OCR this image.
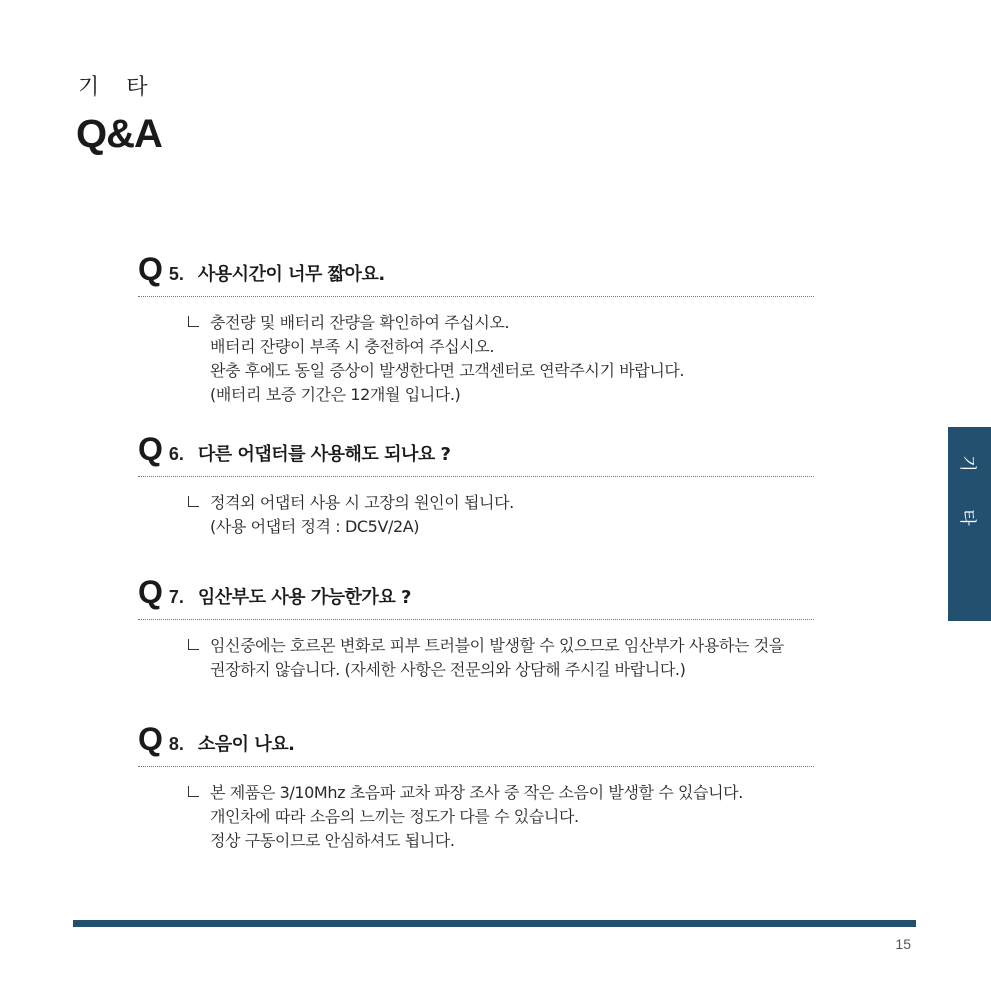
기 타
Q&A
Q 5. 사용시간이 너무 짧아요.
충전량 및 배터리 잔량을 확인하여 주십시오.
배터리 잔량이 부족 시 충전하여 주십시오.
완충 후에도 동일 증상이 발생한다면 고객센터로 연락주시기 바랍니다.
(배터리 보증 기간은 12개월 입니다.)
Q 6. 다른 어댑터를 사용해도 되나요 ?
정격외 어댑터 사용 시 고장의 원인이 됩니다.
(사용 어댑터 정격 : DC5V/2A)
Q 7. 임산부도 사용 가능한가요 ?
임신중에는 호르몬 변화로 피부 트러블이 발생할 수 있으므로 임산부가 사용하는 것을
권장하지 않습니다. (자세한 사항은 전문의와 상담해 주시길 바랍니다.)
Q 8. 소음이 나요.
본 제품은 3/10Mhz 초음파 교차 파장 조사 중 작은 소음이 발생할 수 있습니다.
개인차에 따라 소음의 느끼는 정도가 다를 수 있습니다.
정상 구동이므로 안심하셔도 됩니다.
기
타
15
